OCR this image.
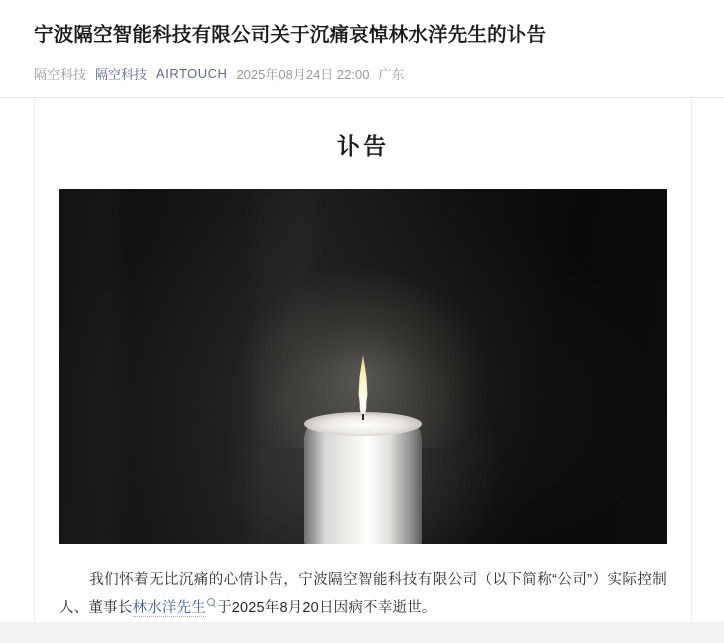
宁波隔空智能科技有限公司关于沉痛哀悼林水洋先生的讣告
隔空科技 隔空科技 AIRTOUCH 2025年08月24日 22:00 广东
讣告

我们怀着无比沉痛的心情讣告，宁波隔空智能科技有限公司（以下简称“公司”）实际控制人、董事长林水洋先生 于2025年8月20日因病不幸逝世。
